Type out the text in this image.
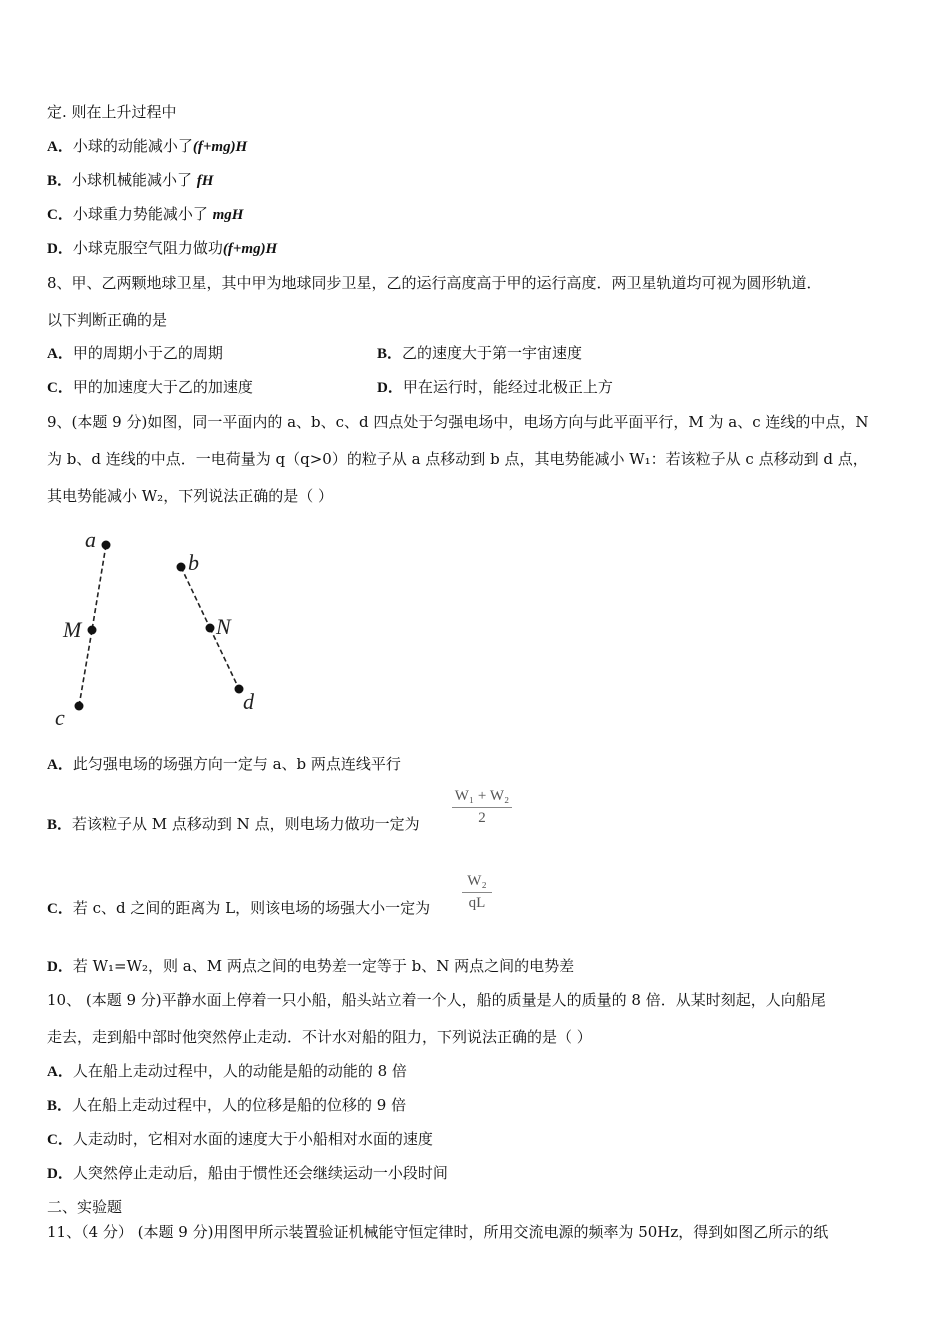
定. 则在上升过程中
A．小球的动能减小了(f+mg)H
B．小球机械能减小了 fH
C．小球重力势能减小了 mgH
D．小球克服空气阻力做功(f+mg)H
8、甲、乙两颗地球卫星，其中甲为地球同步卫星，乙的运行高度高于甲的运行高度．两卫星轨道均可视为圆形轨道．
以下判断正确的是
A．甲的周期小于乙的周期	B．乙的速度大于第一宇宙速度
C．甲的加速度大于乙的加速度	D．甲在运行时，能经过北极正上方
9、(本题 9 分)如图，同一平面内的 a、b、c、d 四点处于匀强电场中，电场方向与此平面平行，M 为 a、c 连线的中点，N
为 b、d 连线的中点．一电荷量为 q（q>0）的粒子从 a 点移动到 b 点，其电势能减小 W₁：若该粒子从 c 点移动到 d 点，
其电势能减小 W₂，下列说法正确的是（ ）
a
M
c
b
N
d
A．此匀强电场的场强方向一定与 a、b 两点连线平行
B．若该粒子从 M 点移动到 N 点，则电场力做功一定为
W₁ + W₂
2
C．若 c、d 之间的距离为 L，则该电场的场强大小一定为
W₂
qL
D．若 W₁=W₂，则 a、M 两点之间的电势差一定等于 b、N 两点之间的电势差
10、 (本题 9 分)平静水面上停着一只小船，船头站立着一个人，船的质量是人的质量的 8 倍．从某时刻起，人向船尾
走去，走到船中部时他突然停止走动．不计水对船的阻力，下列说法正确的是（ ）
A．人在船上走动过程中，人的动能是船的动能的 8 倍
B．人在船上走动过程中，人的位移是船的位移的 9 倍
C．人走动时，它相对水面的速度大于小船相对水面的速度
D．人突然停止走动后，船由于惯性还会继续运动一小段时间
二、实验题
11、（4 分） (本题 9 分)用图甲所示装置验证机械能守恒定律时，所用交流电源的频率为 50Hz，得到如图乙所示的纸
